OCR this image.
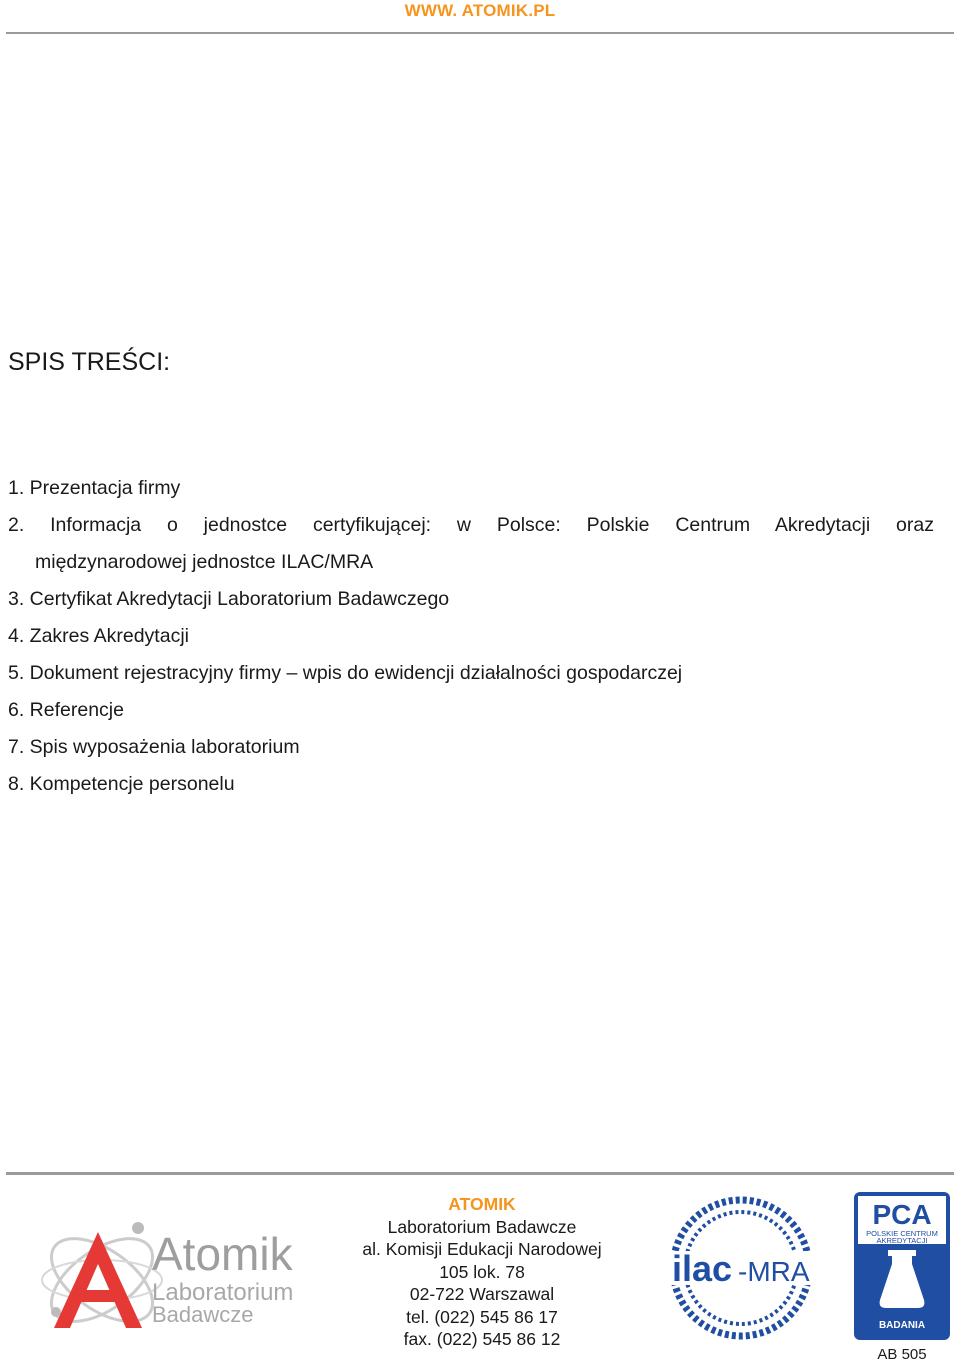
WWW. ATOMIK.PL
SPIS TREŚCI:
1. Prezentacja firmy
2. Informacja o jednostce certyfikującej: w Polsce: Polskie Centrum Akredytacji oraz
międzynarodowej jednostce ILAC/MRA
3. Certyfikat Akredytacji Laboratorium Badawczego
4. Zakres Akredytacji
5. Dokument rejestracyjny firmy – wpis do ewidencji działalności gospodarczej
6. Referencje
7. Spis wyposażenia laboratorium
8. Kompetencje personelu
Atomik
Laboratorium
Badawcze
ATOMIK
Laboratorium Badawcze
al. Komisji Edukacji Narodowej
105 lok. 78
02-722 Warszawal
tel. (022) 545 86 17
fax. (022) 545 86 12
ilac -MRA
PCA
POLSKIE CENTRUM
AKREDYTACJI
BADANIA
AB 505
